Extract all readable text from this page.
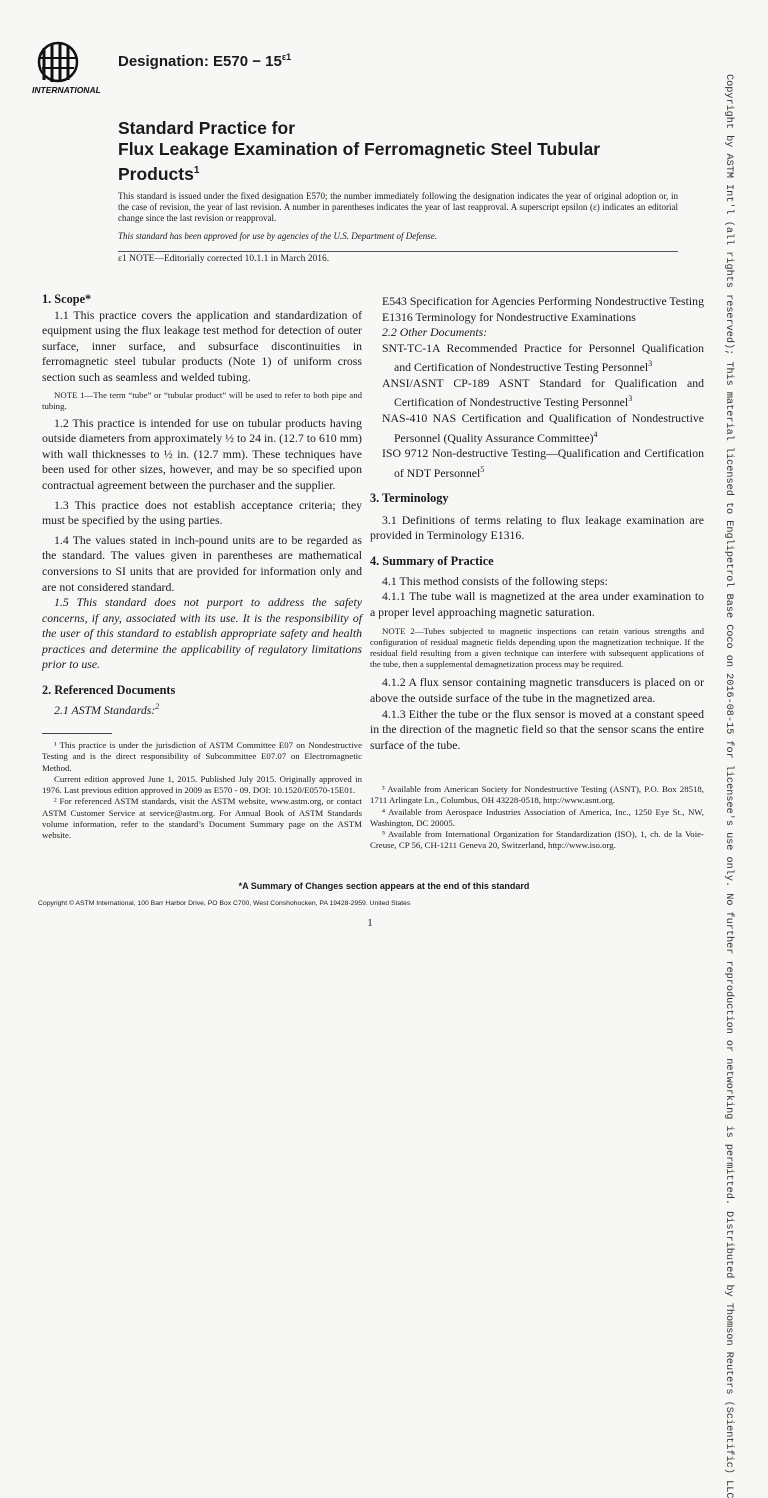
INTERNATIONAL
Designation: $E570 - 15^{\varepsilon 1}$
Standard Practice for
Flux Leakage Examination of Ferromagnetic Steel Tubular
Products$^1$
This standard is issued under the fixed designation E570; the number immediately following the designation indicates the year of original adoption or, in the case of revision, the year of last revision. A number in parentheses indicates the year of last reapproval. A superscript epsilon (ε) indicates an editorial change since the last revision or reapproval.
This standard has been approved for use by agencies of the U.S. Department of Defense.
ε1 NOTE—Editorially corrected 10.1.1 in March 2016.

1. Scope*

1.1 This practice covers the application and standardization of equipment using the flux leakage test method for detection of outer surface, inner surface, and subsurface discontinuities in ferromagnetic steel tubular products (Note 1) of uniform cross section such as seamless and welded tubing.

NOTE 1—The term “tube” or “tubular product” will be used to refer to both pipe and tubing.

1.2 This practice is intended for use on tubular products having outside diameters from approximately ½ to 24 in. (12.7 to 610 mm) with wall thicknesses to ½ in. (12.7 mm). These techniques have been used for other sizes, however, and may be so specified upon contractual agreement between the purchaser and the supplier.

1.3 This practice does not establish acceptance criteria; they must be specified by the using parties.

1.4 The values stated in inch-pound units are to be regarded as the standard. The values given in parentheses are mathematical conversions to SI units that are provided for information only and are not considered standard.

1.5 This standard does not purport to address the safety concerns, if any, associated with its use. It is the responsibility of the user of this standard to establish appropriate safety and health practices and determine the applicability of regulatory limitations prior to use.

2. Referenced Documents

2.1 ASTM Standards:$^2$

¹ This practice is under the jurisdiction of ASTM Committee E07 on Nondestructive Testing and is the direct responsibility of Subcommittee E07.07 on Electromagnetic Method.

Current edition approved June 1, 2015. Published July 2015. Originally approved in 1976. Last previous edition approved in 2009 as E570 - 09. DOI: 10.1520/E0570-15E01.

² For referenced ASTM standards, visit the ASTM website, www.astm.org, or contact ASTM Customer Service at service@astm.org. For Annual Book of ASTM Standards volume information, refer to the standard’s Document Summary page on the ASTM website.

E543 Specification for Agencies Performing Nondestructive Testing

E1316 Terminology for Nondestructive Examinations

2.2 Other Documents:

SNT-TC-1A Recommended Practice for Personnel Qualification and Certification of Nondestructive Testing Personnel$^3$

ANSI/ASNT CP-189 ASNT Standard for Qualification and Certification of Nondestructive Testing Personnel$^3$

NAS-410 NAS Certification and Qualification of Nondestructive Personnel (Quality Assurance Committee)$^4$

ISO 9712 Non-destructive Testing—Qualification and Certification of NDT Personnel$^5$

3. Terminology

3.1 Definitions of terms relating to flux leakage examination are provided in Terminology E1316.

4. Summary of Practice

4.1 This method consists of the following steps:

4.1.1 The tube wall is magnetized at the area under examination to a proper level approaching magnetic saturation.

NOTE 2—Tubes subjected to magnetic inspections can retain various strengths and configuration of residual magnetic fields depending upon the magnetization technique. If the residual field resulting from a given technique can interfere with subsequent applications of the tube, then a supplemental demagnetization process may be required.

4.1.2 A flux sensor containing magnetic transducers is placed on or above the outside surface of the tube in the magnetized area.

4.1.3 Either the tube or the flux sensor is moved at a constant speed in the direction of the magnetic field so that the sensor scans the entire surface of the tube.

³ Available from American Society for Nondestructive Testing (ASNT), P.O. Box 28518, 1711 Arlingate Ln., Columbus, OH 43228-0518, http://www.asnt.org.

⁴ Available from Aerospace Industries Association of America, Inc., 1250 Eye St., NW, Washington, DC 20005.

⁵ Available from International Organization for Standardization (ISO), 1, ch. de la Voie-Creuse, CP 56, CH-1211 Geneva 20, Switzerland, http://www.iso.org.

*A Summary of Changes section appears at the end of this standard
Copyright © ASTM International, 100 Barr Harbor Drive, PO Box C700, West Conshohocken, PA 19428-2959. United States
1	Copyright by ASTM Int'l (all rights reserved); This material licensed to Englipetrol Base Coco on 2016-08-15 for licensee's use only. No further reproduction or networking is permitted. Distributed by Thomson Reuters (Scientific) LLC
